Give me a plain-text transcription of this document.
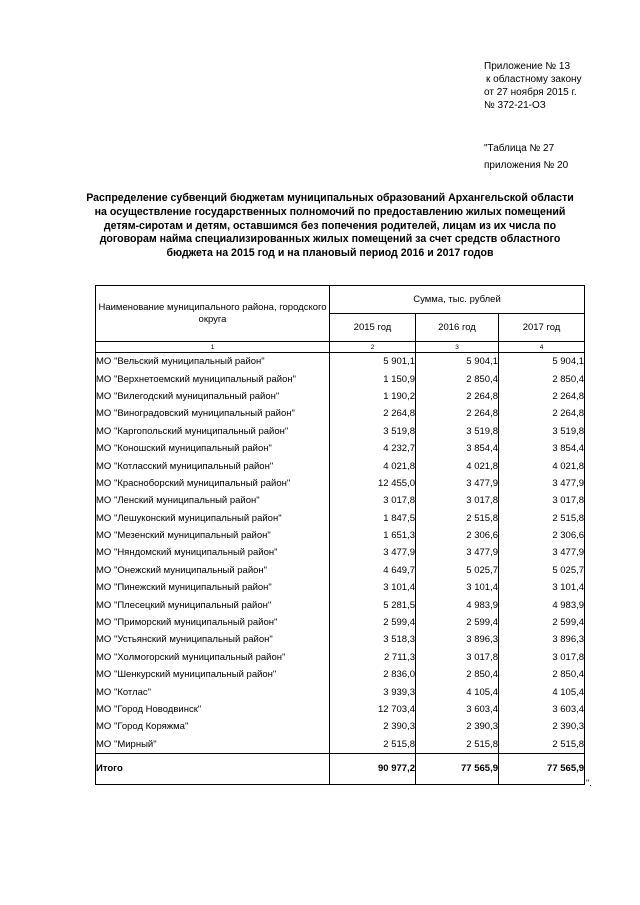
Приложение № 13
к областному закону
от 27 ноября 2015 г.
№ 372-21-ОЗ
"Таблица № 27
приложения № 20
Распределение субвенций бюджетам муниципальных образований Архангельской области на осуществление государственных полномочий по предоставлению жилых помещений детям-сиротам и детям, оставшимся без попечения родителей, лицам из их числа по договорам найма специализированных жилых помещений за счет средств областного бюджета на 2015 год и на плановый период 2016 и 2017 годов
Наименование муниципального района, городского округа	Сумма, тыс. рублей		
	2015 год	2016 год	2017 год
1	2	3	4
МО "Вельский муниципальный район"	5 901,1	5 904,1	5 904,1
МО "Верхнетоемский муниципальный район"	1 150,9	2 850,4	2 850,4
МО "Вилегодский муниципальный район"	1 190,2	2 264,8	2 264,8
МО "Виноградовский муниципальный район"	2 264,8	2 264,8	2 264,8
МО "Каргопольский муниципальный район"	3 519,8	3 519,8	3 519,8
МО "Коношский муниципальный район"	4 232,7	3 854,4	3 854,4
МО "Котласский муниципальный район"	4 021,8	4 021,8	4 021,8
МО "Красноборский муниципальный район"	12 455,0	3 477,9	3 477,9
МО "Ленский муниципальный район"	3 017,8	3 017,8	3 017,8
МО "Лешуконский муниципальный район"	1 847,5	2 515,8	2 515,8
МО "Мезенский муниципальный район"	1 651,3	2 306,6	2 306,6
МО "Няндомский муниципальный район"	3 477,9	3 477,9	3 477,9
МО "Онежский муниципальный район"	4 649,7	5 025,7	5 025,7
МО "Пинежский муниципальный район"	3 101,4	3 101,4	3 101,4
МО "Плесецкий муниципальный район"	5 281,5	4 983,9	4 983,9
МО "Приморский муниципальный район"	2 599,4	2 599,4	2 599,4
МО "Устьянский муниципальный район"	3 518,3	3 896,3	3 896,3
МО "Холмогорский муниципальный район"	2 711,3	3 017,8	3 017,8
МО "Шенкурский муниципальный район"	2 836,0	2 850,4	2 850,4
МО "Котлас"	3 939,3	4 105,4	4 105,4
МО "Город Новодвинск"	12 703,4	3 603,4	3 603,4
МО "Город Коряжма"	2 390,3	2 390,3	2 390,3
МО "Мирный"	2 515,8	2 515,8	2 515,8
Итого	90 977,2	77 565,9	77 565,9
".
